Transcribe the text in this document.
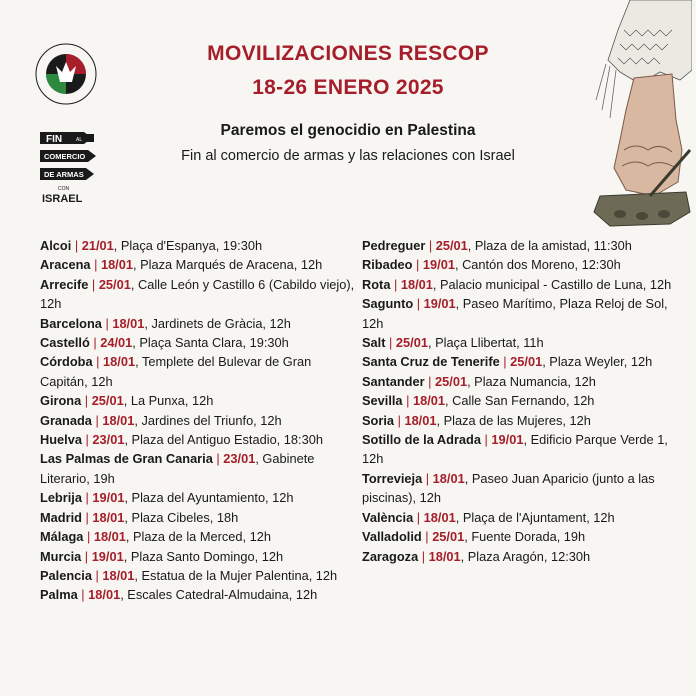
FIN	AL
COMERCIO
DE ARMAS
CON
ISRAEL
MOVILIZACIONES RESCOP
18-26 ENERO 2025
Paremos el genocidio en Palestina
Fin al comercio de armas y las relaciones con Israel

Alcoi | 21/01, Plaça d'Espanya, 19:30h

Aracena | 18/01, Plaza Marqués de Aracena, 12h

Arrecife | 25/01, Calle León y Castillo 6 (Cabildo viejo), 12h

Barcelona | 18/01, Jardinets de Gràcia, 12h

Castelló | 24/01, Plaça Santa Clara, 19:30h

Córdoba | 18/01, Templete del Bulevar de Gran Capitán, 12h

Girona | 25/01, La Punxa, 12h

Granada | 18/01, Jardines del Triunfo, 12h

Huelva | 23/01, Plaza del Antiguo Estadio, 18:30h

Las Palmas de Gran Canaria | 23/01, Gabinete Literario, 19h

Lebrija | 19/01, Plaza del Ayuntamiento, 12h

Madrid | 18/01, Plaza Cibeles, 18h

Málaga | 18/01, Plaza de la Merced, 12h

Murcia | 19/01, Plaza Santo Domingo, 12h

Palencia | 18/01, Estatua de la Mujer Palentina, 12h

Palma | 18/01, Escales Catedral-Almudaina, 12h

Pedreguer | 25/01, Plaza de la amistad, 11:30h

Ribadeo | 19/01, Cantón dos Moreno, 12:30h

Rota | 18/01, Palacio municipal - Castillo de Luna, 12h

Sagunto | 19/01, Paseo Marítimo, Plaza Reloj de Sol, 12h

Salt | 25/01, Plaça Llibertat, 11h

Santa Cruz de Tenerife | 25/01, Plaza Weyler, 12h

Santander | 25/01, Plaza Numancia, 12h

Sevilla | 18/01, Calle San Fernando, 12h

Soria | 18/01, Plaza de las Mujeres, 12h

Sotillo de la Adrada | 19/01, Edificio Parque Verde 1, 12h

Torrevieja | 18/01, Paseo Juan Aparicio (junto a las piscinas), 12h

València | 18/01, Plaça de l'Ajuntament, 12h

Valladolid | 25/01, Fuente Dorada, 19h

Zaragoza | 18/01, Plaza Aragón, 12:30h
